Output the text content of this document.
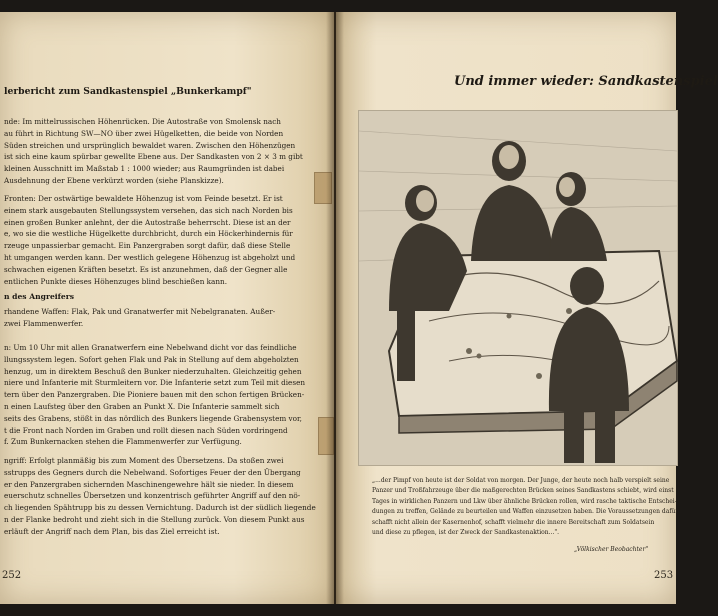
lerbericht zum Sandkastenspiel „Bunkerkampf"

nde: Im mittelrussischen Höhenrücken. Die Autostraße von Smolensk nach

au führt in Richtung SW—NO über zwei Hügelketten, die beide von Norden

Süden streichen und ursprünglich bewaldet waren. Zwischen den Höhenzügen

ist sich eine kaum spürbar gewellte Ebene aus. Der Sandkasten von 2 × 3 m gibt

kleinen Ausschnitt im Maßstab 1 : 1000 wieder; aus Raumgründen ist dabei

Ausdehnung der Ebene verkürzt worden (siehe Planskizze).

Fronten: Der ostwärtige bewaldete Höhenzug ist vom Feinde besetzt. Er ist

einem stark ausgebauten Stellungssystem versehen, das sich nach Norden bis

einen großen Bunker anlehnt, der die Autostraße beherrscht. Diese ist an der

e, wo sie die westliche Hügelkette durchbricht, durch ein Höckerhindernis für

rzeuge unpassierbar gemacht. Ein Panzergraben sorgt dafür, daß diese Stelle

ht umgangen werden kann. Der westlich gelegene Höhenzug ist abgeholzt und

schwachen eigenen Kräften besetzt. Es ist anzunehmen, daß der Gegner alle

entlichen Punkte dieses Höhenzuges blind beschießen kann.

n des Angreifers

rhandene Waffen: Flak, Pak und Granatwerfer mit Nebelgranaten. Außer-

zwei Flammenwerfer.

n: Um 10 Uhr mit allen Granatwerfern eine Nebelwand dicht vor das feindliche

llungssystem legen. Sofort gehen Flak und Pak in Stellung auf dem abgeholzten

henzug, um in direktem Beschuß den Bunker niederzuhalten. Gleichzeitig gehen

niere und Infanterie mit Sturmleitern vor. Die Infanterie setzt zum Teil mit diesen

tern über den Panzergraben. Die Pioniere bauen mit den schon fertigen Brücken-

n einen Laufsteg über den Graben an Punkt X. Die Infanterie sammelt sich

seits des Grabens, stößt in das nördlich des Bunkers liegende Grabensystem vor,

t die Front nach Norden im Graben und rollt diesen nach Süden vordringend

f. Zum Bunkernacken stehen die Flammenwerfer zur Verfügung.

ngriff: Erfolgt planmäßig bis zum Moment des Übersetzens. Da stoßen zwei

sstrupps des Gegners durch die Nebelwand. Sofortiges Feuer der den Übergang

er den Panzergraben sichernden Maschinengewehre hält sie nieder. In diesem

euerschutz schnelles Übersetzen und konzentrisch geführter Angriff auf den nö-

ch liegenden Spähtrupp bis zu dessen Vernichtung. Dadurch ist der südlich liegende

n der Flanke bedroht und zieht sich in die Stellung zurück. Von diesem Punkt aus

erläuft der Angriff nach dem Plan, bis das Ziel erreicht ist.

252
Und immer wieder: Sandkastenspiel

„...der Pimpf von heute ist der Soldat von morgen. Der Junge, der heute noch halb verspielt seine

Panzer und Troßfahrzeuge über die maßgerechten Brücken seines Sandkastens schiebt, wird einst

Tages in wirklichen Panzern und Lkw über ähnliche Brücken rollen, wird rasche taktische Entschei-

dungen zu treffen, Gelände zu beurteilen und Waffen einzusetzen haben. Die Voraussetzungen dafür

schafft nicht allein der Kasernenhof, schafft vielmehr die innere Bereitschaft zum Soldatsein

und diese zu pflegen, ist der Zweck der Sandkastenaktion...".

„Völkischer Beobachter"
253
